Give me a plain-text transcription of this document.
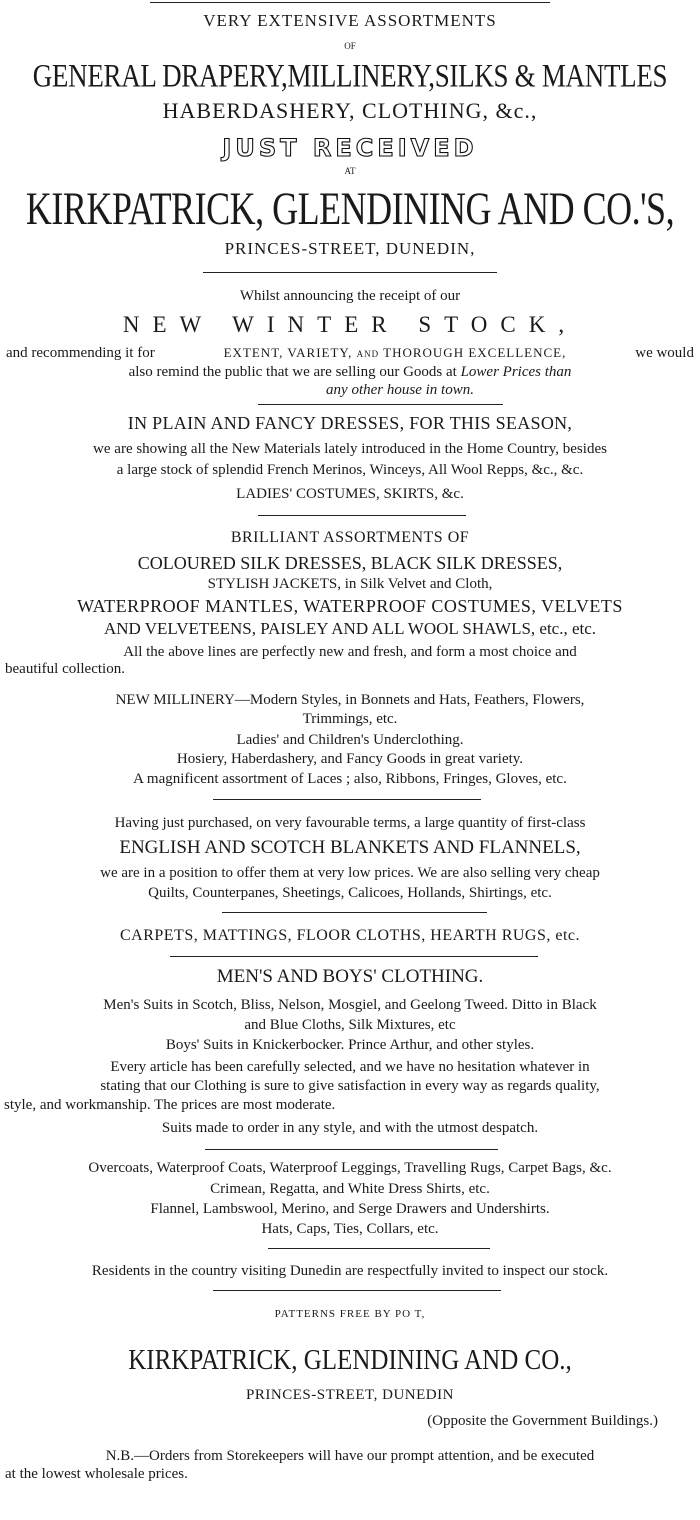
VERY EXTENSIVE ASSORTMENTS
OF
GENERAL DRAPERY,MILLINERY,SILKS & MANTLES
HABERDASHERY, CLOTHING, &c.,
JUST RECEIVED
AT
KIRKPATRICK, GLENDINING AND CO.'S,
PRINCES-STREET, DUNEDIN,
Whilst announcing the receipt of our
NEW WINTER STOCK,
and recommending it for	EXTENT, VARIETY, and THOROUGH EXCELLENCE,	we would
also remind the public that we are selling our Goods at Lower Prices than
any other house in town.
IN PLAIN AND FANCY DRESSES, FOR THIS SEASON,
we are showing all the New Materials lately introduced in the Home Country, besides
a large stock of splendid French Merinos, Winceys, All Wool Repps, &c., &c.
LADIES' COSTUMES, SKIRTS, &c.
BRILLIANT ASSORTMENTS OF
COLOURED SILK DRESSES, BLACK SILK DRESSES,
STYLISH JACKETS, in Silk Velvet and Cloth,
WATERPROOF MANTLES, WATERPROOF COSTUMES, VELVETS
AND VELVETEENS, PAISLEY AND ALL WOOL SHAWLS, etc., etc.
All the above lines are perfectly new and fresh, and form a most choice and
beautiful collection.
NEW MILLINERY—Modern Styles, in Bonnets and Hats, Feathers, Flowers,
Trimmings, etc.
Ladies' and Children's Underclothing.
Hosiery, Haberdashery, and Fancy Goods in great variety.
A magnificent assortment of Laces ; also, Ribbons, Fringes, Gloves, etc.
Having just purchased, on very favourable terms, a large quantity of first-class
ENGLISH AND SCOTCH BLANKETS AND FLANNELS,
we are in a position to offer them at very low prices. We are also selling very cheap
Quilts, Counterpanes, Sheetings, Calicoes, Hollands, Shirtings, etc.
CARPETS, MATTINGS, FLOOR CLOTHS, HEARTH RUGS, etc.
MEN'S AND BOYS' CLOTHING.
Men's Suits in Scotch, Bliss, Nelson, Mosgiel, and Geelong Tweed. Ditto in Black
and Blue Cloths, Silk Mixtures, etc
Boys' Suits in Knickerbocker. Prince Arthur, and other styles.
Every article has been carefully selected, and we have no hesitation whatever in
stating that our Clothing is sure to give satisfaction in every way as regards quality,
style, and workmanship. The prices are most moderate.
Suits made to order in any style, and with the utmost despatch.
Overcoats, Waterproof Coats, Waterproof Leggings, Travelling Rugs, Carpet Bags, &c.
Crimean, Regatta, and White Dress Shirts, etc.
Flannel, Lambswool, Merino, and Serge Drawers and Undershirts.
Hats, Caps, Ties, Collars, etc.
Residents in the country visiting Dunedin are respectfully invited to inspect our stock.
PATTERNS FREE BY PO T,
KIRKPATRICK, GLENDINING AND CO.,
PRINCES-STREET, DUNEDIN
(Opposite the Government Buildings.)
N.B.—Orders from Storekeepers will have our prompt attention, and be executed
at the lowest wholesale prices.
